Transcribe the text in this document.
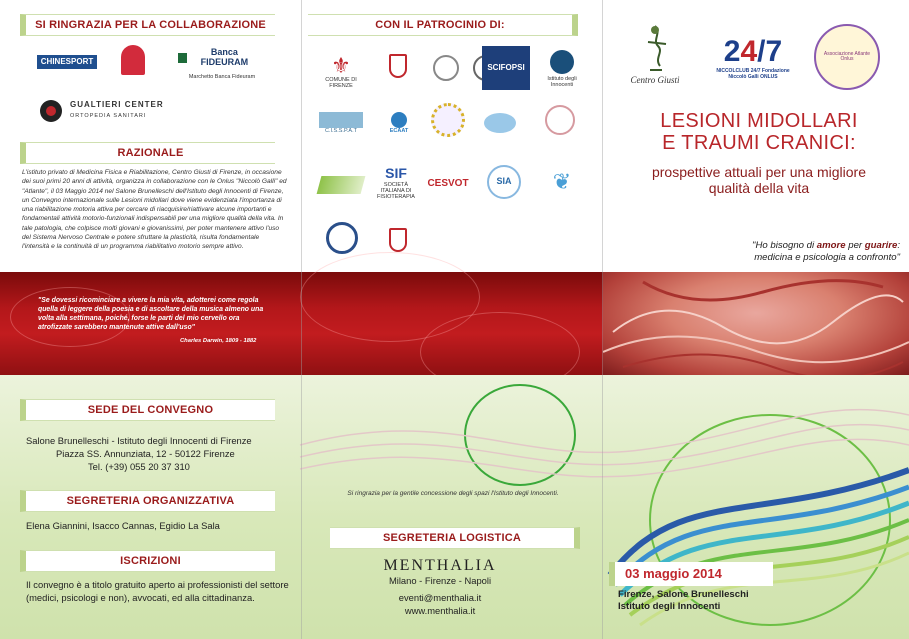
SI RINGRAZIA PER LA COLLABORAZIONE
CHINESPORT
Banca FIDEURAM
Marchetto Banca Fideuram
GUALTIERI CENTER
ORTOPEDIA SANITARI
RAZIONALE
L'istituto privato di Medicina Fisica e Riabilitazione, Centro Giusti di Firenze, in occasione dei suoi primi 20 anni di attività, organizza in collaborazione con le Onlus "Niccolò Galli" ed "Atlante", il 03 Maggio 2014 nel Salone Brunelleschi dell'Istituto degli Innocenti di Firenze, un Convegno internazionale sulle Lesioni midollari dove viene evidenziata l'importanza di una riabilitazione motoria attiva per cercare di riacquisire/riattivare alcune importanti e fondamentali attività motorio-funzionali indispensabili per una migliore qualità della vita. In tale patologia, che colpisce molti giovani e giovanissimi, per poter mantenere attivo l'uso del Sistema Nervoso Centrale e potere sfruttare la plasticità, risulta fondamentale l'intensità e la continuità di un programma riabilitativo motorio sempre attivo.
"Se dovessi ricominciare a vivere la mia vita, adotterei come regola quella di leggere della poesia e di ascoltare della musica almeno una volta alla settimana, poiché, forse le parti del mio cervello ora atrofizzate sarebbero mantenute attive dall'uso"
Charles Darwin, 1809 - 1882
SEDE DEL CONVEGNO
Salone Brunelleschi - Istituto degli Innocenti di Firenze
Piazza SS. Annunziata, 12 - 50122 Firenze
Tel. (+39) 055 20 37 310
SEGRETERIA ORGANIZZATIVA
Elena Giannini, Isacco Cannas, Egidio La Sala
ISCRIZIONI
Il convegno è a titolo gratuito aperto ai professionisti del settore (medici, psicologi e non), avvocati, ed alla cittadinanza.
CON IL PATROCINIO DI:
⚜
COMUNE DI FIRENZE
SCIFOPSI
Istituto degli Innocenti
C.I.S.S.P.A.T	ECAAT
SIF
SOCIETÀ ITALIANA DI FISIOTERAPIA
CESVOT	SIA	❦
Si ringrazia per la gentile concessione degli spazi l'Istituto degli Innocenti.
SEGRETERIA LOGISTICA
MENTHALIA
Milano - Firenze - Napoli
eventi@menthalia.it
www.menthalia.it
Centro Giusti
24/7
NICCOLCLUB 24/7 Fondazione Niccolò Galli ONLUS
Associazione Atlante Onlus
LESIONI MIDOLLARI
E TRAUMI CRANICI:
prospettive attuali per una migliore
qualità della vita
"Ho bisogno di amore per guarire:
medicina e psicologia a confronto"
03 maggio 2014
Firenze, Salone Brunelleschi
Istituto degli Innocenti
